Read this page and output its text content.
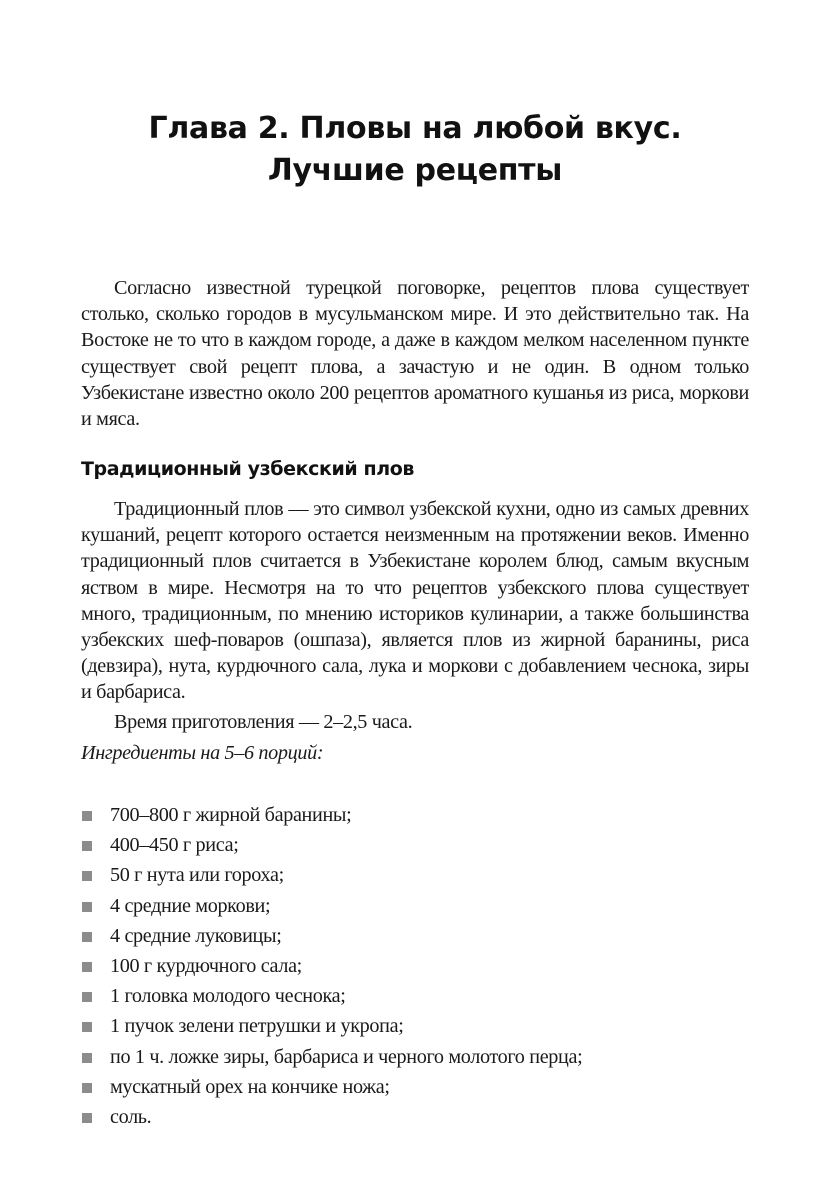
Глава 2. Пловы на любой вкус.
Лучшие рецепты

Согласно известной турецкой поговорке, рецептов плова существует столько, сколько городов в мусульманском мире. И это действительно так. На Востоке не то что в каждом городе, а даже в каждом мелком населенном пункте существует свой рецепт плова, а зачастую и не один. В одном только Узбекистане известно около 200 рецептов ароматного кушанья из риса, моркови и мяса.

Традиционный узбекский плов

Традиционный плов — это символ узбекской кухни, одно из самых древних кушаний, рецепт которого остается неизменным на протяжении веков. Именно традиционный плов считается в Узбекистане королем блюд, самым вкусным яством в мире. Несмотря на то что рецептов узбекского плова существует много, традиционным, по мнению историков кулинарии, а также большинства узбекских шеф-поваров (ошпаза), является плов из жирной баранины, риса (девзира), нута, курдючного сала, лука и моркови с добавлением чеснока, зиры и барбариса.

Время приготовления — 2–2,5 часа.

Ингредиенты на 5–6 порций:

700–800 г жирной баранины;
400–450 г риса;
50 г нута или гороха;
4 средние моркови;
4 средние луковицы;
100 г курдючного сала;
1 головка молодого чеснока;
1 пучок зелени петрушки и укропа;
по 1 ч. ложке зиры, барбариса и черного молотого перца;
мускатный орех на кончике ножа;
соль.
